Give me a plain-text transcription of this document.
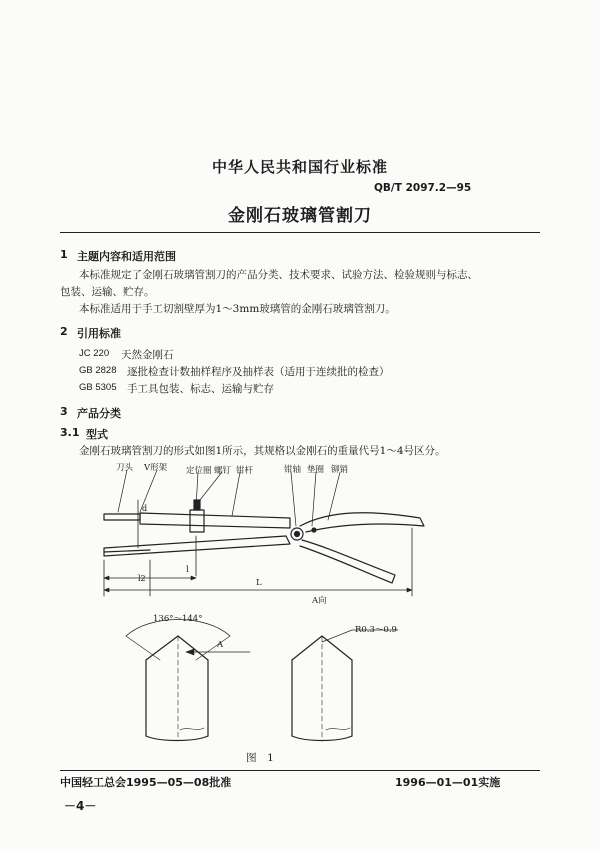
中华人民共和国行业标准
QB/T 2097.2—95
金刚石玻璃管割刀
1 主题内容和适用范围
本标准规定了金刚石玻璃管割刀的产品分类、技术要求、试验方法、检验规则与标志、
包装、运输、贮存。
本标准适用于手工切割壁厚为1～3mm玻璃管的金刚石玻璃管割刀。
2 引用标准
JC 220 天然金刚石
GB 2828 逐批检查计数抽样程序及抽样表（适用于连续批的检查）
GB 5305 手工具包装、标志、运输与贮存
3 产品分类
3.1 型式
金刚石玻璃管割刀的形式如图1所示，其规格以金刚石的重量代号1～4号区分。
刀头 V形架 定位圈 螺钉 钳杆	钳轴 垫圈 铆销
d
l2
l
L
A向
136°～144°
A
R0.3～0.9
图　1
中国轻工总会1995—05—08批准	1996—01—01实施
－4－
